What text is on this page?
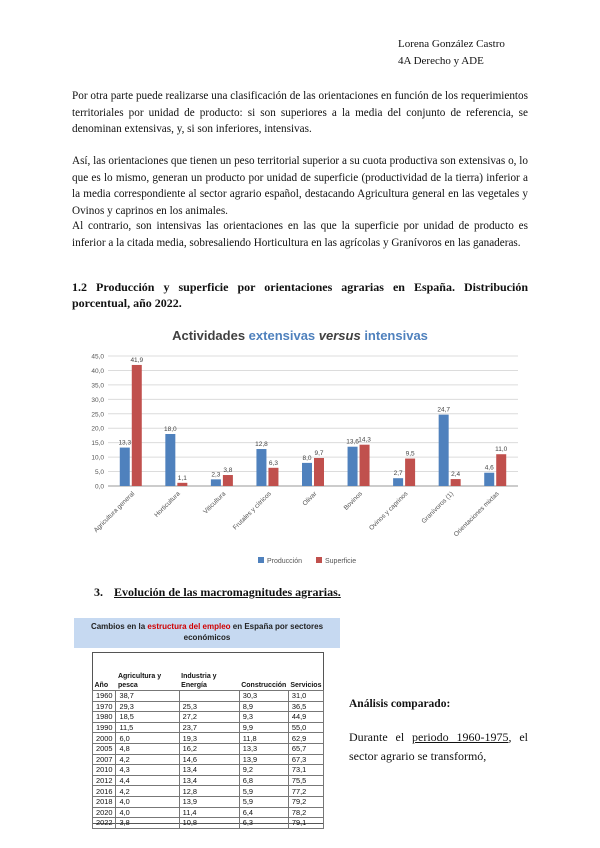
Lorena González Castro
4A Derecho y ADE
Por otra parte puede realizarse una clasificación de las orientaciones en función de los requerimientos territoriales por unidad de producto: si son superiores a la media del conjunto de referencia, se denominan extensivas, y, si son inferiores, intensivas.
Así, las orientaciones que tienen un peso territorial superior a su cuota productiva son extensivas o, lo que es lo mismo, generan un producto por unidad de superficie (productividad de la tierra) inferior a la media correspondiente al sector agrario español, destacando Agricultura general en las vegetales y Ovinos y caprinos en los animales.
Al contrario, son intensivas las orientaciones en las que la superficie por unidad de producto es inferior a la citada media, sobresaliendo Horticultura en las agrícolas y Granívoros en las ganaderas.
1.2 Producción y superficie por orientaciones agrarias en España. Distribución porcentual, año 2022.
Actividades extensivas versus intensivas
0,0
5,0
10,0
15,0
20,0
25,0
30,0
35,0
40,0
45,0
13,3
41,9
Agricultura general
18,0
1,1
Horticultura
2,3
3,8
Viticultura
12,8
6,3
Frutales y cítricos
8,0
9,7
Olivar
13,6 14,3
Bovinos
2,7
9,5
Ovinos y caprinos
24,7
2,4
Granívoros (1)
4,6
11,0
Orientaciones mixtas
Producción	Superficie
3. Evolución de las macromagnitudes agrarias.
Cambios en la estructura del empleo en España por sectores económicos
Año	Agricultura y pesca	Industria y Energía	Construcción	Servicios
1960	38,7		30,3	31,0
1970	29,3	25,3	8,9	36,5
1980	18,5	27,2	9,3	44,9
1990	11,5	23,7	9,9	55,0
2000	6,0	19,3	11,8	62,9
2005	4,8	16,2	13,3	65,7
2007	4,2	14,6	13,9	67,3
2010	4,3	13,4	9,2	73,1
2012	4,4	13,4	6,8	75,5
2016	4,2	12,8	5,9	77,2
2018	4,0	13,9	5,9	79,2
2020	4,0	11,4	6,4	78,2
2022	3,8	10,8	6,3	79,1
Análisis comparado:
Durante el periodo 1960-1975, el sector agrario se transformó,
